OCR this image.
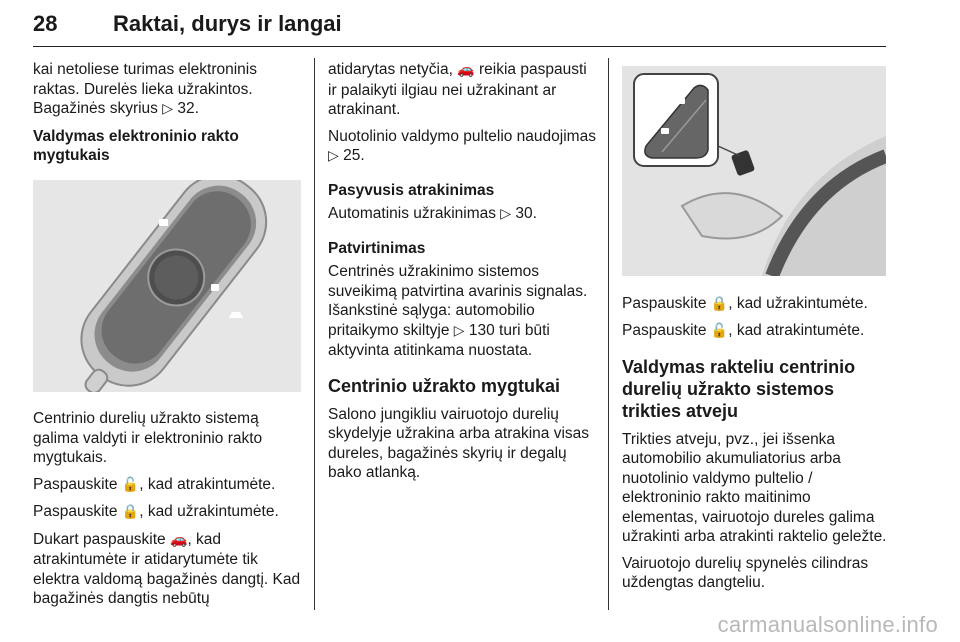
28	Raktai, durys ir langai

kai netoliese turimas elektroninis raktas. Durelės lieka užrakintos. Bagažinės skyrius ▷ 32.

Valdymas elektroninio rakto mygtukais

Centrinio durelių užrakto sistemą galima valdyti ir elektroninio rakto mygtukais.

Paspauskite 🔓, kad atrakintumėte.

Paspauskite 🔒, kad užrakintumėte.

Dukart paspauskite 🚗, kad atrakintumėte ir atidarytumėte tik elektra valdomą bagažinės dangtį. Kad bagažinės dangtis nebūtų

atidarytas netyčia, 🚗 reikia paspausti ir palaikyti ilgiau nei užrakinant ar atrakinant.

Nuotolinio valdymo pultelio naudojimas ▷ 25.

Pasyvusis atrakinimas

Automatinis užrakinimas ▷ 30.

Patvirtinimas

Centrinės užrakinimo sistemos suveikimą patvirtina avarinis signalas. Išankstinė sąlyga: automobilio pritaikymo skiltyje ▷ 130 turi būti aktyvinta atitinkama nuostata.

Centrinio užrakto mygtukai

Salono jungikliu vairuotojo durelių skydelyje užrakina arba atrakina visas dureles, bagažinės skyrių ir degalų bako atlanką.

Paspauskite 🔒, kad užrakintumėte.

Paspauskite 🔓, kad atrakintumėte.

Valdymas rakteliu centrinio durelių užrakto sistemos trikties atveju

Trikties atveju, pvz., jei išsenka automobilio akumuliatorius arba nuotolinio valdymo pultelio / elektroninio rakto maitinimo elementas, vairuotojo dureles galima užrakinti arba atrakinti raktelio geležte.

Vairuotojo durelių spynelės cilindras uždengtas dangteliu.

carmanualsonline.info
